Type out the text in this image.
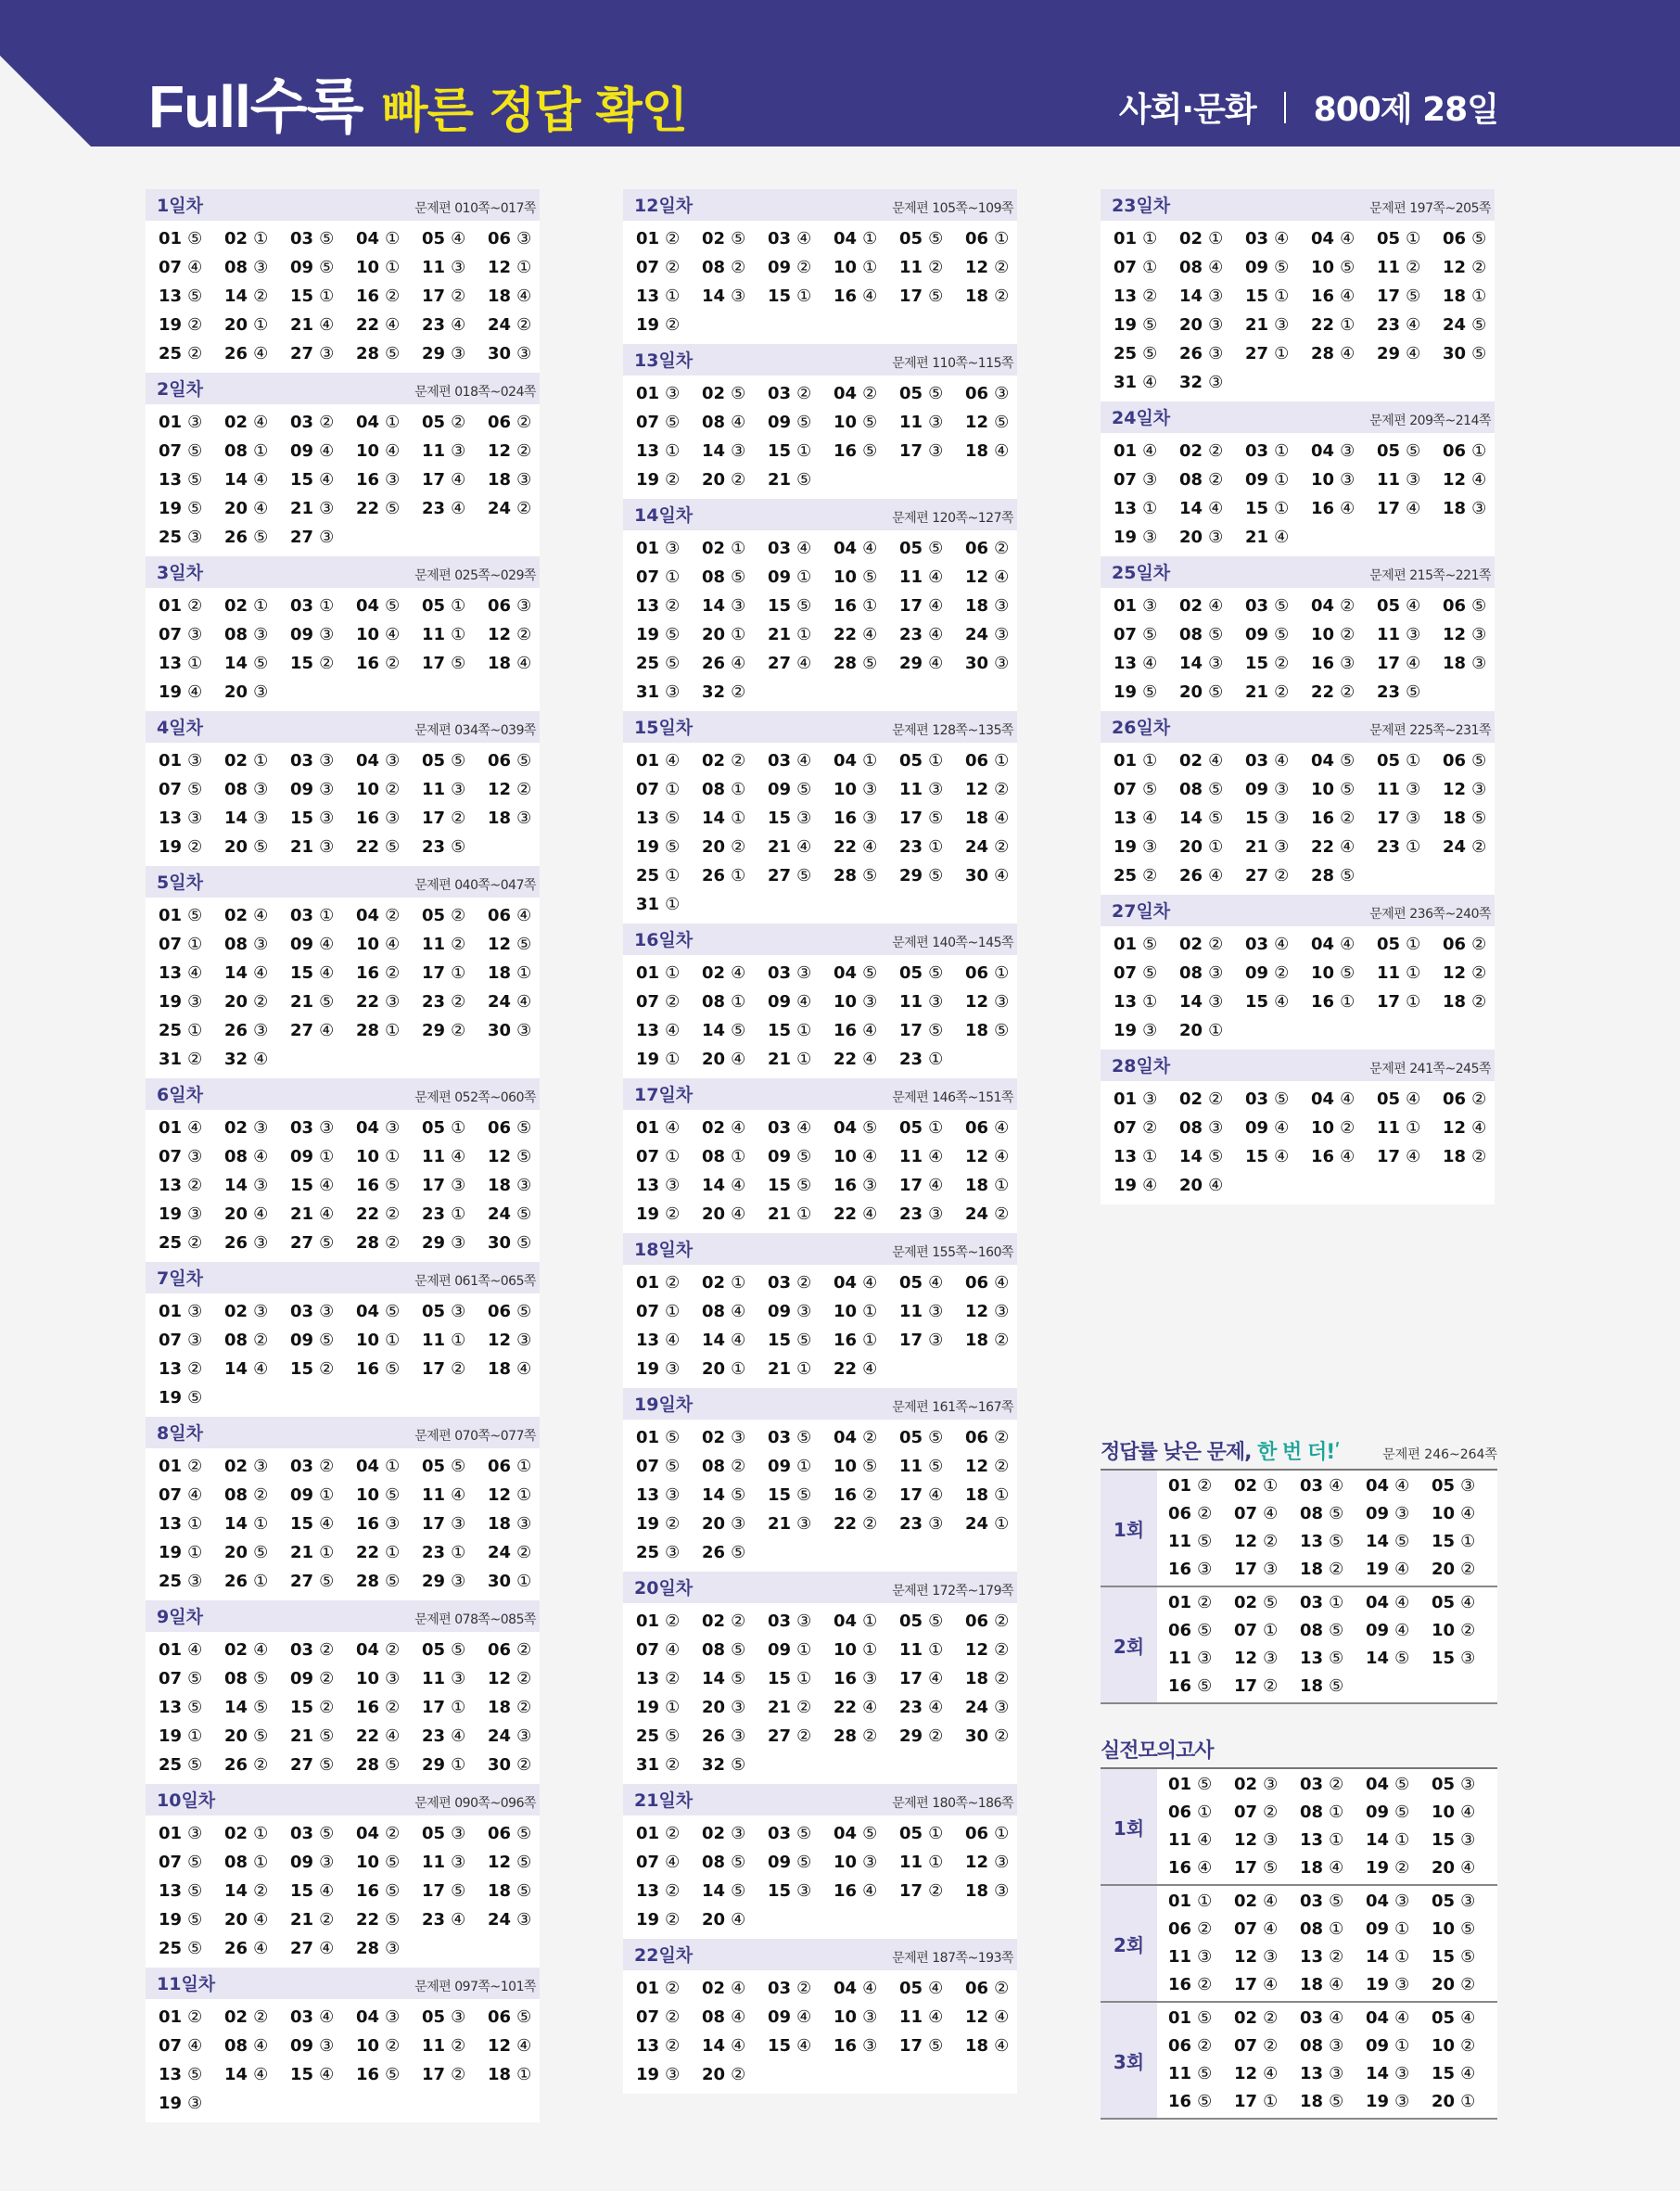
Full수록 빠른 정답 확인	사회·문화 800제 28일
1일차	문제편 010쪽~017쪽
01 ⑤	02 ①	03 ⑤	04 ①	05 ④	06 ③
07 ④	08 ③	09 ⑤	10 ①	11 ③	12 ①
13 ⑤	14 ②	15 ①	16 ②	17 ②	18 ④
19 ②	20 ①	21 ④	22 ④	23 ④	24 ②
25 ②	26 ④	27 ③	28 ⑤	29 ③	30 ③
2일차	문제편 018쪽~024쪽
01 ③	02 ④	03 ②	04 ①	05 ②	06 ②
07 ⑤	08 ①	09 ④	10 ④	11 ③	12 ②
13 ⑤	14 ④	15 ④	16 ③	17 ④	18 ③
19 ⑤	20 ④	21 ③	22 ⑤	23 ④	24 ②
25 ③	26 ⑤	27 ③
3일차	문제편 025쪽~029쪽
01 ②	02 ①	03 ①	04 ⑤	05 ①	06 ③
07 ③	08 ③	09 ③	10 ④	11 ①	12 ②
13 ①	14 ⑤	15 ②	16 ②	17 ⑤	18 ④
19 ④	20 ③
4일차	문제편 034쪽~039쪽
01 ③	02 ①	03 ③	04 ③	05 ⑤	06 ⑤
07 ⑤	08 ③	09 ③	10 ②	11 ③	12 ②
13 ③	14 ③	15 ③	16 ③	17 ②	18 ③
19 ②	20 ⑤	21 ③	22 ⑤	23 ⑤
5일차	문제편 040쪽~047쪽
01 ⑤	02 ④	03 ①	04 ②	05 ②	06 ④
07 ①	08 ③	09 ④	10 ④	11 ②	12 ⑤
13 ④	14 ④	15 ④	16 ②	17 ①	18 ①
19 ③	20 ②	21 ⑤	22 ③	23 ②	24 ④
25 ①	26 ③	27 ④	28 ①	29 ②	30 ③
31 ②	32 ④
6일차	문제편 052쪽~060쪽
01 ④	02 ③	03 ③	04 ③	05 ①	06 ⑤
07 ③	08 ④	09 ①	10 ①	11 ④	12 ⑤
13 ②	14 ③	15 ④	16 ⑤	17 ③	18 ③
19 ③	20 ④	21 ④	22 ②	23 ①	24 ⑤
25 ②	26 ③	27 ⑤	28 ②	29 ③	30 ⑤
7일차	문제편 061쪽~065쪽
01 ③	02 ③	03 ③	04 ⑤	05 ③	06 ⑤
07 ③	08 ②	09 ⑤	10 ①	11 ①	12 ③
13 ②	14 ④	15 ②	16 ⑤	17 ②	18 ④
19 ⑤
8일차	문제편 070쪽~077쪽
01 ②	02 ③	03 ②	04 ①	05 ⑤	06 ①
07 ④	08 ②	09 ①	10 ⑤	11 ④	12 ①
13 ①	14 ①	15 ④	16 ③	17 ③	18 ③
19 ①	20 ⑤	21 ①	22 ①	23 ①	24 ②
25 ③	26 ①	27 ⑤	28 ⑤	29 ③	30 ①
9일차	문제편 078쪽~085쪽
01 ④	02 ④	03 ②	04 ②	05 ⑤	06 ②
07 ⑤	08 ⑤	09 ②	10 ③	11 ③	12 ②
13 ⑤	14 ⑤	15 ②	16 ②	17 ①	18 ②
19 ①	20 ⑤	21 ⑤	22 ④	23 ④	24 ③
25 ⑤	26 ②	27 ⑤	28 ⑤	29 ①	30 ②
10일차	문제편 090쪽~096쪽
01 ③	02 ①	03 ⑤	04 ②	05 ③	06 ⑤
07 ⑤	08 ①	09 ③	10 ⑤	11 ③	12 ⑤
13 ⑤	14 ②	15 ④	16 ⑤	17 ⑤	18 ⑤
19 ⑤	20 ④	21 ②	22 ⑤	23 ④	24 ③
25 ⑤	26 ④	27 ④	28 ③
11일차	문제편 097쪽~101쪽
01 ②	02 ②	03 ④	04 ③	05 ③	06 ⑤
07 ④	08 ④	09 ③	10 ②	11 ②	12 ④
13 ⑤	14 ④	15 ④	16 ⑤	17 ②	18 ①
19 ③
12일차	문제편 105쪽~109쪽
01 ②	02 ⑤	03 ④	04 ①	05 ⑤	06 ①
07 ②	08 ②	09 ②	10 ①	11 ②	12 ②
13 ①	14 ③	15 ①	16 ④	17 ⑤	18 ②
19 ②
13일차	문제편 110쪽~115쪽
01 ③	02 ⑤	03 ②	04 ②	05 ⑤	06 ③
07 ⑤	08 ④	09 ⑤	10 ⑤	11 ③	12 ⑤
13 ①	14 ③	15 ①	16 ⑤	17 ③	18 ④
19 ②	20 ②	21 ⑤
14일차	문제편 120쪽~127쪽
01 ③	02 ①	03 ④	04 ④	05 ⑤	06 ②
07 ①	08 ⑤	09 ①	10 ⑤	11 ④	12 ④
13 ②	14 ③	15 ⑤	16 ①	17 ④	18 ③
19 ⑤	20 ①	21 ①	22 ④	23 ④	24 ③
25 ⑤	26 ④	27 ④	28 ⑤	29 ④	30 ③
31 ③	32 ②
15일차	문제편 128쪽~135쪽
01 ④	02 ②	03 ④	04 ①	05 ①	06 ①
07 ①	08 ①	09 ⑤	10 ③	11 ③	12 ②
13 ⑤	14 ①	15 ③	16 ③	17 ⑤	18 ④
19 ⑤	20 ②	21 ④	22 ④	23 ①	24 ②
25 ①	26 ①	27 ⑤	28 ⑤	29 ⑤	30 ④
31 ①
16일차	문제편 140쪽~145쪽
01 ①	02 ④	03 ③	04 ⑤	05 ⑤	06 ①
07 ②	08 ①	09 ④	10 ③	11 ③	12 ③
13 ④	14 ⑤	15 ①	16 ④	17 ⑤	18 ⑤
19 ①	20 ④	21 ①	22 ④	23 ①
17일차	문제편 146쪽~151쪽
01 ④	02 ④	03 ④	04 ⑤	05 ①	06 ④
07 ①	08 ①	09 ⑤	10 ④	11 ④	12 ④
13 ③	14 ④	15 ⑤	16 ③	17 ④	18 ①
19 ②	20 ④	21 ①	22 ④	23 ③	24 ②
18일차	문제편 155쪽~160쪽
01 ②	02 ①	03 ②	04 ④	05 ④	06 ④
07 ①	08 ④	09 ③	10 ①	11 ③	12 ③
13 ④	14 ④	15 ⑤	16 ①	17 ③	18 ②
19 ③	20 ①	21 ①	22 ④
19일차	문제편 161쪽~167쪽
01 ⑤	02 ③	03 ⑤	04 ②	05 ⑤	06 ②
07 ⑤	08 ②	09 ①	10 ⑤	11 ⑤	12 ②
13 ③	14 ⑤	15 ⑤	16 ②	17 ④	18 ①
19 ②	20 ③	21 ③	22 ②	23 ③	24 ①
25 ③	26 ⑤
20일차	문제편 172쪽~179쪽
01 ②	02 ②	03 ③	04 ①	05 ⑤	06 ②
07 ④	08 ⑤	09 ①	10 ①	11 ①	12 ②
13 ②	14 ⑤	15 ①	16 ③	17 ④	18 ②
19 ①	20 ③	21 ②	22 ④	23 ④	24 ③
25 ⑤	26 ③	27 ②	28 ②	29 ②	30 ②
31 ②	32 ⑤
21일차	문제편 180쪽~186쪽
01 ②	02 ③	03 ⑤	04 ⑤	05 ①	06 ①
07 ④	08 ⑤	09 ⑤	10 ③	11 ①	12 ③
13 ②	14 ⑤	15 ③	16 ④	17 ②	18 ③
19 ②	20 ④
22일차	문제편 187쪽~193쪽
01 ②	02 ④	03 ②	04 ④	05 ④	06 ②
07 ②	08 ④	09 ④	10 ③	11 ④	12 ④
13 ②	14 ④	15 ④	16 ③	17 ⑤	18 ④
19 ③	20 ②
23일차	문제편 197쪽~205쪽
01 ①	02 ①	03 ④	04 ④	05 ①	06 ⑤
07 ①	08 ④	09 ⑤	10 ⑤	11 ②	12 ②
13 ②	14 ③	15 ①	16 ④	17 ⑤	18 ①
19 ⑤	20 ③	21 ③	22 ①	23 ④	24 ⑤
25 ⑤	26 ③	27 ①	28 ④	29 ④	30 ⑤
31 ④	32 ③
24일차	문제편 209쪽~214쪽
01 ④	02 ②	03 ①	04 ③	05 ⑤	06 ①
07 ③	08 ②	09 ①	10 ③	11 ③	12 ④
13 ①	14 ④	15 ①	16 ④	17 ④	18 ③
19 ③	20 ③	21 ④
25일차	문제편 215쪽~221쪽
01 ③	02 ④	03 ⑤	04 ②	05 ④	06 ⑤
07 ⑤	08 ⑤	09 ⑤	10 ②	11 ③	12 ③
13 ④	14 ③	15 ②	16 ③	17 ④	18 ③
19 ⑤	20 ⑤	21 ②	22 ②	23 ⑤
26일차	문제편 225쪽~231쪽
01 ①	02 ④	03 ④	04 ⑤	05 ①	06 ⑤
07 ⑤	08 ⑤	09 ③	10 ⑤	11 ③	12 ③
13 ④	14 ⑤	15 ③	16 ②	17 ③	18 ⑤
19 ③	20 ①	21 ③	22 ④	23 ①	24 ②
25 ②	26 ④	27 ②	28 ⑤
27일차	문제편 236쪽~240쪽
01 ⑤	02 ②	03 ④	04 ④	05 ①	06 ②
07 ⑤	08 ③	09 ②	10 ⑤	11 ①	12 ②
13 ①	14 ③	15 ④	16 ①	17 ①	18 ②
19 ③	20 ①
28일차	문제편 241쪽~245쪽
01 ③	02 ②	03 ⑤	04 ④	05 ④	06 ②
07 ②	08 ③	09 ④	10 ②	11 ①	12 ④
13 ①	14 ⑤	15 ④	16 ④	17 ④	18 ②
19 ④	20 ④
정답률 낮은 문제, 한 번 더!ʹ	문제편 246~264쪽
1회
01 ②	02 ①	03 ④	04 ④	05 ③
06 ②	07 ④	08 ⑤	09 ③	10 ④
11 ⑤	12 ②	13 ⑤	14 ⑤	15 ①
16 ③	17 ③	18 ②	19 ④	20 ②
2회
01 ②	02 ⑤	03 ①	04 ④	05 ④
06 ⑤	07 ①	08 ⑤	09 ④	10 ②
11 ③	12 ③	13 ⑤	14 ⑤	15 ③
16 ⑤	17 ②	18 ⑤
실전모의고사
1회
01 ⑤	02 ③	03 ②	04 ⑤	05 ③
06 ①	07 ②	08 ①	09 ⑤	10 ④
11 ④	12 ③	13 ①	14 ①	15 ③
16 ④	17 ⑤	18 ④	19 ②	20 ④
2회
01 ①	02 ④	03 ⑤	04 ③	05 ③
06 ②	07 ④	08 ①	09 ①	10 ⑤
11 ③	12 ③	13 ②	14 ①	15 ⑤
16 ②	17 ④	18 ④	19 ③	20 ②
3회
01 ⑤	02 ②	03 ④	04 ④	05 ④
06 ②	07 ②	08 ③	09 ①	10 ②
11 ⑤	12 ④	13 ③	14 ③	15 ④
16 ⑤	17 ①	18 ⑤	19 ③	20 ①
